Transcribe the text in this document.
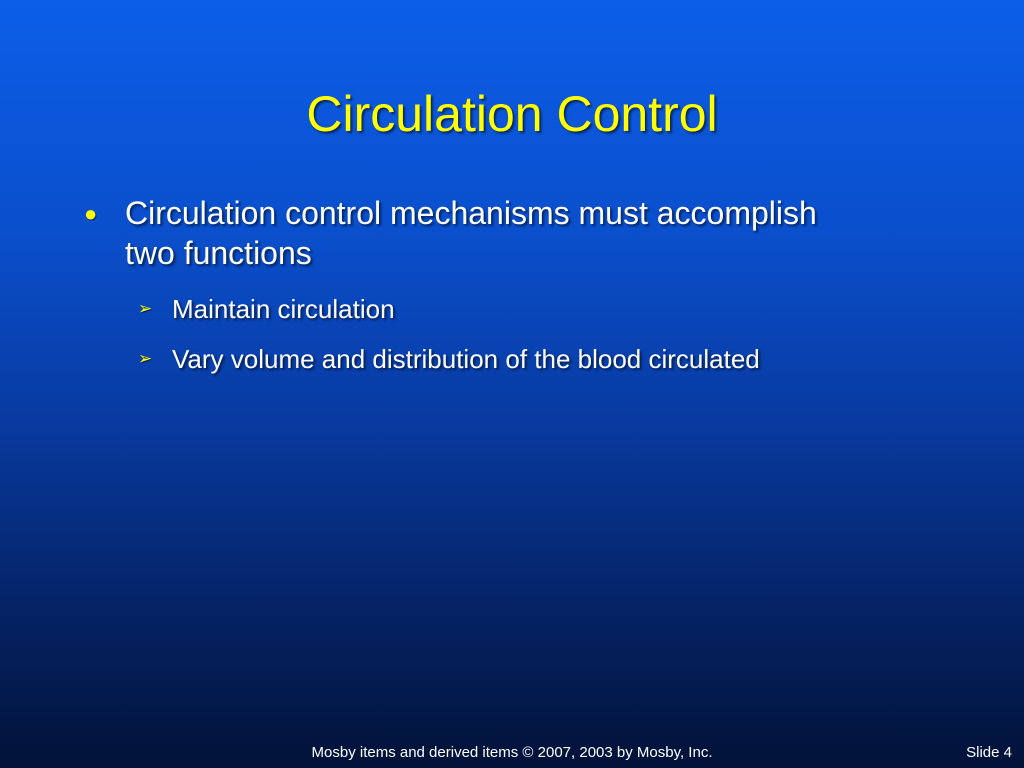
Circulation Control
● Circulation control mechanisms must accomplish two functions
➢ Maintain circulation
➢ Vary volume and distribution of the blood circulated
Mosby items and derived items © 2007, 2003 by Mosby, Inc.	Slide 4
